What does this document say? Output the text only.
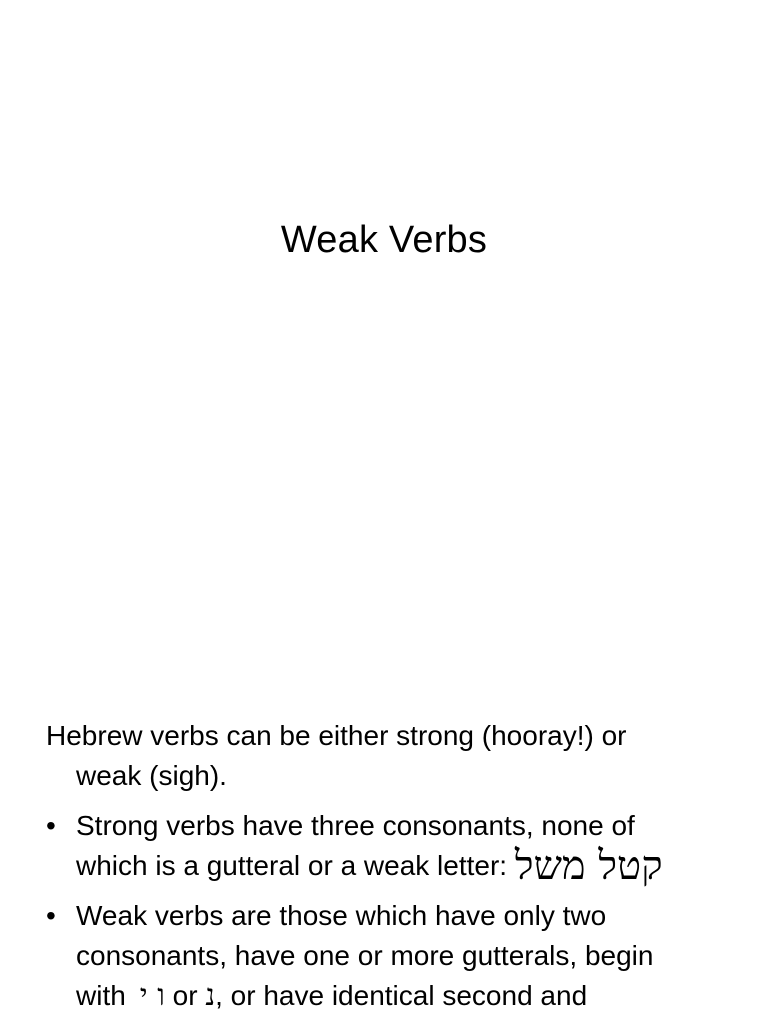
Weak Verbs

Hebrew verbs can be either strong (hooray!) or
weak (sigh).

• Strong verbs have three consonants, none of
which is a gutteral or a weak letter: קטל משל
• Weak verbs are those which have only two
consonants, have one or more gutterals, begin
with ו י or נ, or have identical second and
